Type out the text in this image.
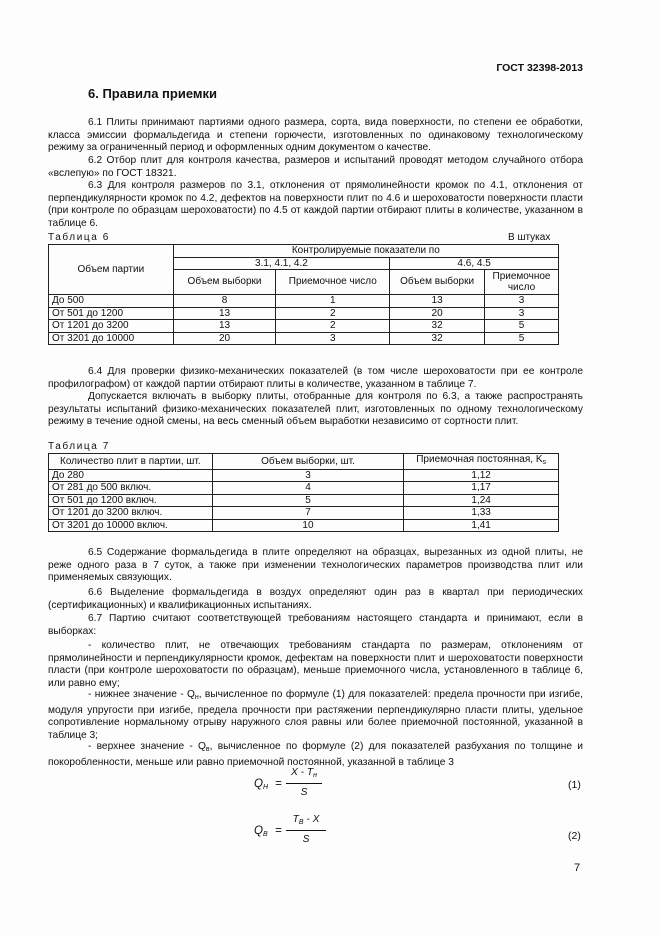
ГОСТ 32398-2013
6. Правила приемки

6.1 Плиты принимают партиями одного размера, сорта, вида поверхности, по степени ее обработки, класса эмиссии формальдегида и степени горючести, изготовленных по одинаковому технологическому режиму за ограниченный период и оформленных одним документом о качестве.

6.2 Отбор плит для контроля качества, размеров и испытаний проводят методом случайного отбора «вслепую» по ГОСТ 18321.

6.3 Для контроля размеров по 3.1, отклонения от прямолинейности кромок по 4.1, отклонения от перпендикулярности кромок по 4.2, дефектов на поверхности плит по 4.6 и шероховатости поверхности пласти (при контроле по образцам шероховатости) по 4.5 от каждой партии отбирают плиты в количестве, указанном в таблице 6.

Таблица 6	В штуках
Объем партии	Контролируемые показатели по			
	3.1, 4.1, 4.2		4.6, 4.5	
	Объем выборки	Приемочное число	Объем выборки	Приемочное число
До 500	8	1	13	3
От 501 до 1200	13	2	20	3
От 1201 до 3200	13	2	32	5
От 3201 до 10000	20	3	32	5

6.4 Для проверки физико-механических показателей (в том числе шероховатости при ее контроле профилографом) от каждой партии отбирают плиты в количестве, указанном в таблице 7.

Допускается включать в выборку плиты, отобранные для контроля по 6.3, а также распространять результаты испытаний физико-механических показателей плит, изготовленных по одному технологическому режиму в течение одной смены, на весь сменный объем выработки независимо от сортности плит.

Таблица 7
Количество плит в партии, шт.	Объем выборки, шт.	Приемочная постоянная, $K_s$
До 280	3	1,12
От 281 до 500 включ.	4	1,17
От 501 до 1200 включ.	5	1,24
От 1201 до 3200 включ.	7	1,33
От 3201 до 10000 включ.	10	1,41

6.5 Содержание формальдегида в плите определяют на образцах, вырезанных из одной плиты, не реже одного раза в 7 суток, а также при изменении технологических параметров производства плит или применяемых связующих.

6.6 Выделение формальдегида в воздух определяют один раз в квартал при периодических (сертификационных) и квалификационных испытаниях.

6.7 Партию считают соответствующей требованиям настоящего стандарта и принимают, если в выборках:

- количество плит, не отвечающих требованиям стандарта по размерам, отклонениям от прямолинейности и перпендикулярности кромок, дефектам на поверхности плит и шероховатости поверхности пласти (при контроле шероховатости по образцам), меньше приемочного числа, установленного в таблице 6, или равно ему;

- нижнее значение - $Q_н$, вычисленное по формуле (1) для показателей: предела прочности при изгибе, модуля упругости при изгибе, предела прочности при растяжении перпендикулярно пласти плиты, удельное сопротивление нормальному отрыву наружного слоя равны или более приемочной постоянной, указанной в таблице 3;

- верхнее значение - $Q_в$, вычисленное по формуле (2) для показателей разбухания по толщине и покоробленности, меньше или равно приемочной постоянной, указанной в таблице 3

$Q_H$ =
X - $T_н$
S
(1)
$Q_B$ =
$T_B$ - X
S	(2)
7
